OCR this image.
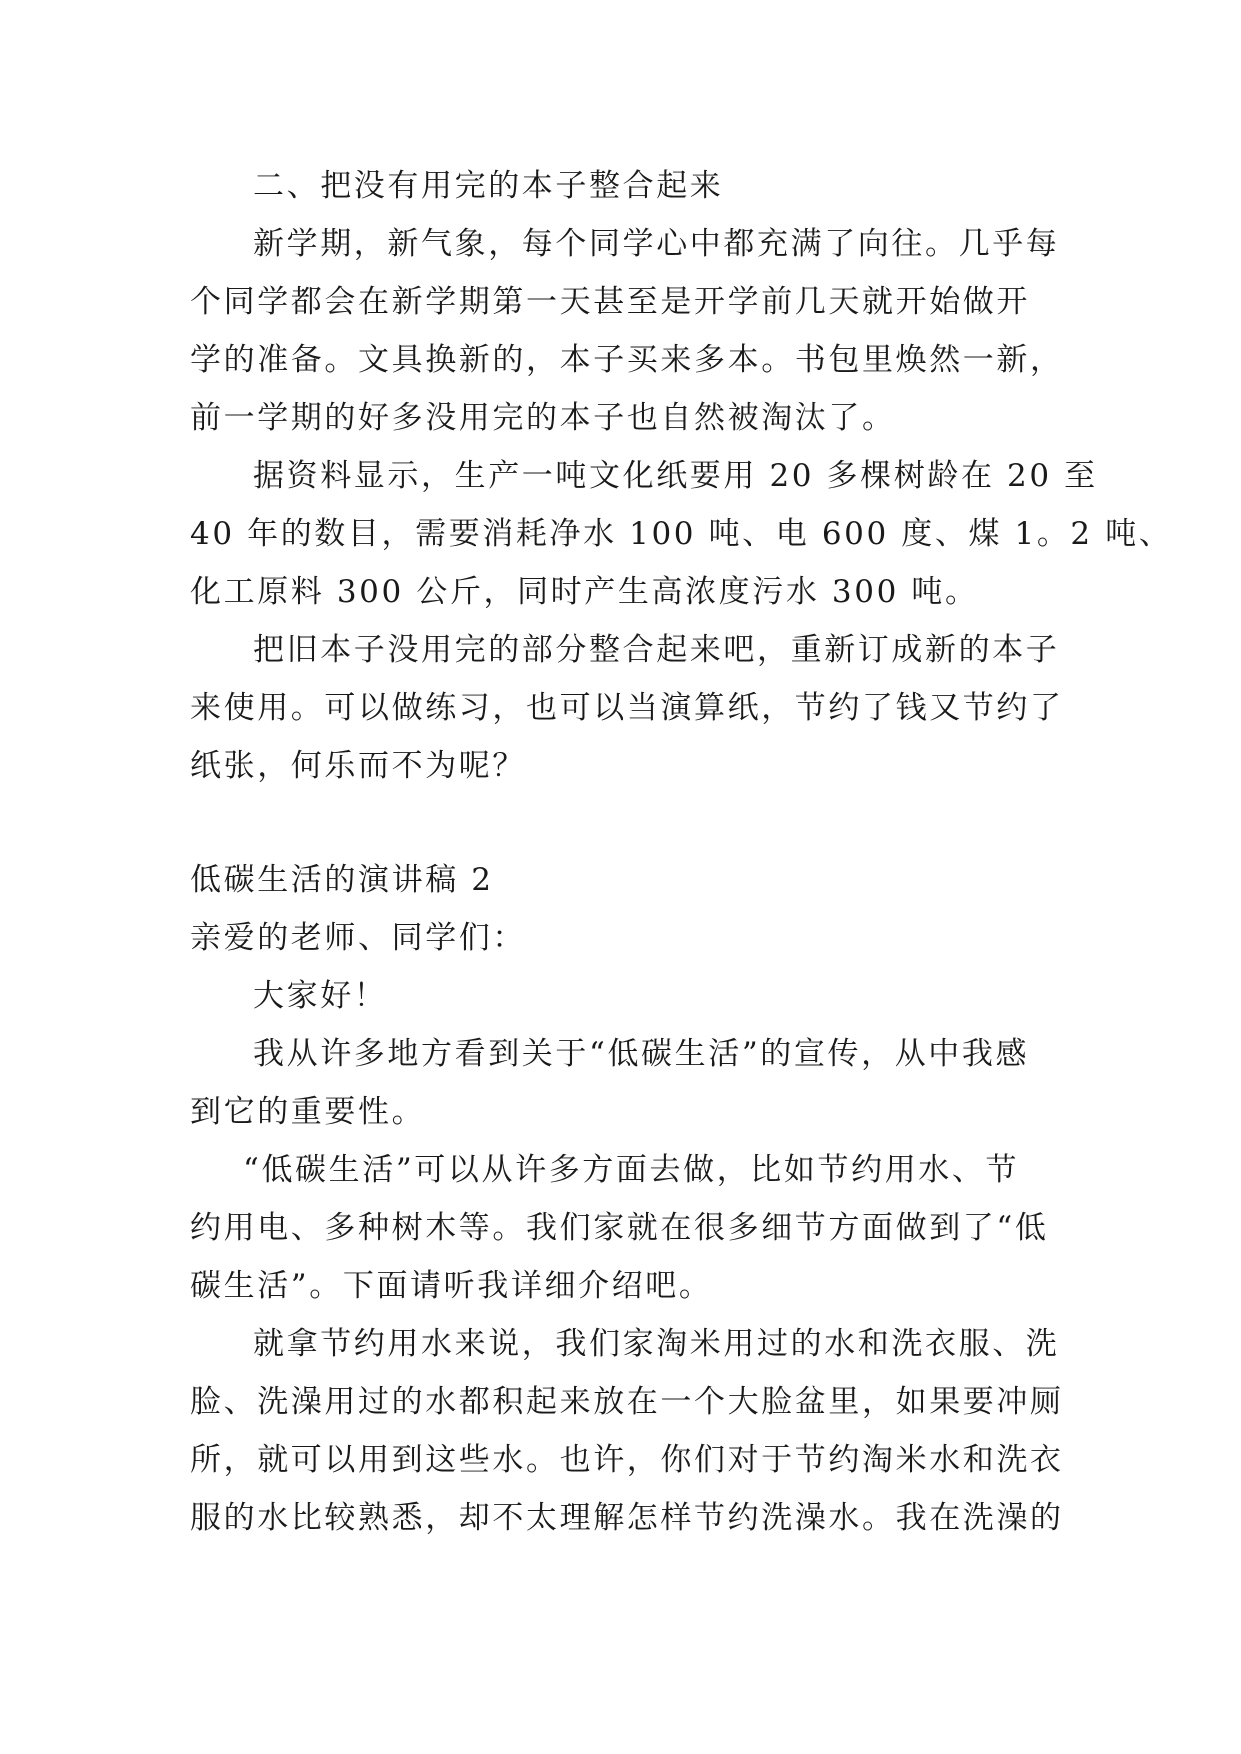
二、把没有用完的本子整合起来

新学期，新气象，每个同学心中都充满了向往。几乎每

个同学都会在新学期第一天甚至是开学前几天就开始做开

学的准备。文具换新的，本子买来多本。书包里焕然一新，

前一学期的好多没用完的本子也自然被淘汰了。

据资料显示，生产一吨文化纸要用 20 多棵树龄在 20 至

40 年的数目，需要消耗净水 100 吨、电 600 度、煤 1。2 吨、

化工原料 300 公斤，同时产生高浓度污水 300 吨。

把旧本子没用完的部分整合起来吧，重新订成新的本子

来使用。可以做练习，也可以当演算纸，节约了钱又节约了

纸张，何乐而不为呢？

低碳生活的演讲稿 2

亲爱的老师、同学们：

大家好！

我从许多地方看到关于“低碳生活”的宣传，从中我感

到它的重要性。

“低碳生活”可以从许多方面去做，比如节约用水、节

约用电、多种树木等。我们家就在很多细节方面做到了“低

碳生活”。下面请听我详细介绍吧。

就拿节约用水来说，我们家淘米用过的水和洗衣服、洗

脸、洗澡用过的水都积起来放在一个大脸盆里，如果要冲厕

所，就可以用到这些水。也许，你们对于节约淘米水和洗衣

服的水比较熟悉，却不太理解怎样节约洗澡水。我在洗澡的
